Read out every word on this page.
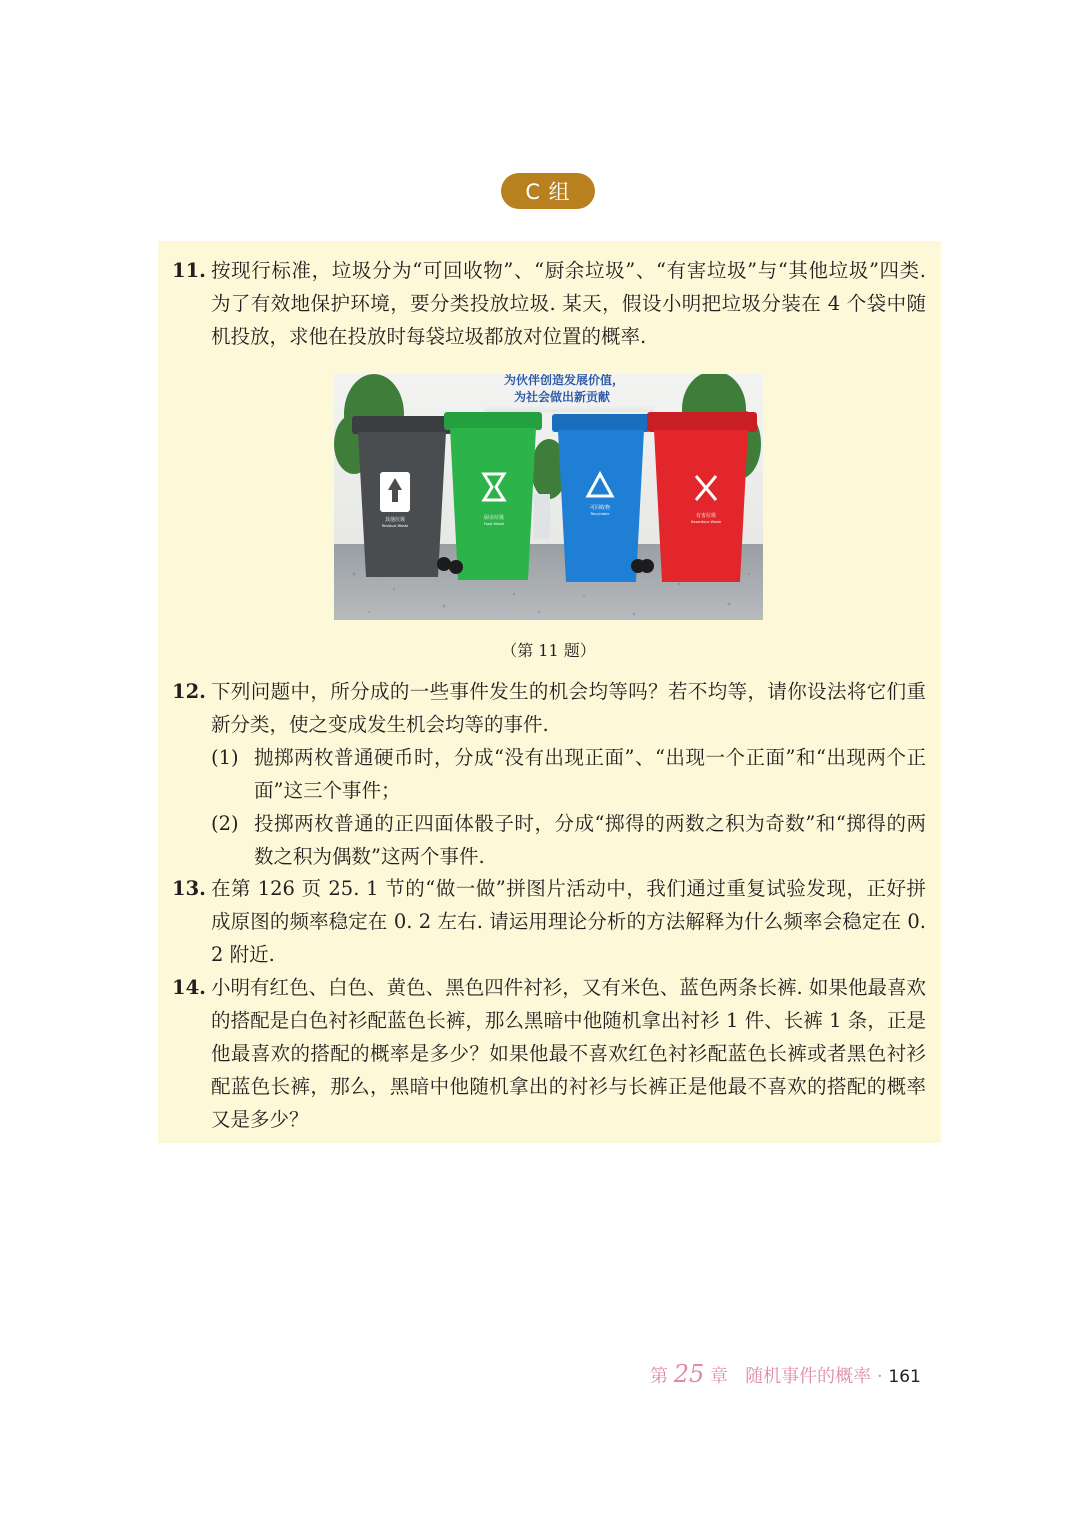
C 组
11. 按现行标准，垃圾分为“可回收物”、“厨余垃圾”、“有害垃圾”与“其他垃圾”四类. 为了有效地保护环境，要分类投放垃圾. 某天，假设小明把垃圾分装在 4 个袋中随机投放，求他在投放时每袋垃圾都放对位置的概率.
为伙伴创造发展价值，
为社会做出新贡献
其他垃圾
Residual Waste
厨余垃圾
Food Waste
可回收物
Recyclable	有害垃圾
Hazardous Waste
（第 11 题）
12. 下列问题中，所分成的一些事件发生的机会均等吗？若不均等，请你设法将它们重新分类，使之变成发生机会均等的事件.
(1) 抛掷两枚普通硬币时，分成“没有出现正面”、“出现一个正面”和“出现两个正面”这三个事件；
(2) 投掷两枚普通的正四面体骰子时，分成“掷得的两数之积为奇数”和“掷得的两数之积为偶数”这两个事件.
13. 在第 126 页 25. 1 节的“做一做”拼图片活动中，我们通过重复试验发现，正好拼成原图的频率稳定在 0. 2 左右. 请运用理论分析的方法解释为什么频率会稳定在 0. 2 附近.
14. 小明有红色、白色、黄色、黑色四件衬衫，又有米色、蓝色两条长裤. 如果他最喜欢的搭配是白色衬衫配蓝色长裤，那么黑暗中他随机拿出衬衫 1 件、长裤 1 条，正是他最喜欢的搭配的概率是多少？如果他最不喜欢红色衬衫配蓝色长裤或者黑色衬衫配蓝色长裤，那么，黑暗中他随机拿出的衬衫与长裤正是他最不喜欢的搭配的概率又是多少？
第 25 章 随机事件的概率 · 161
